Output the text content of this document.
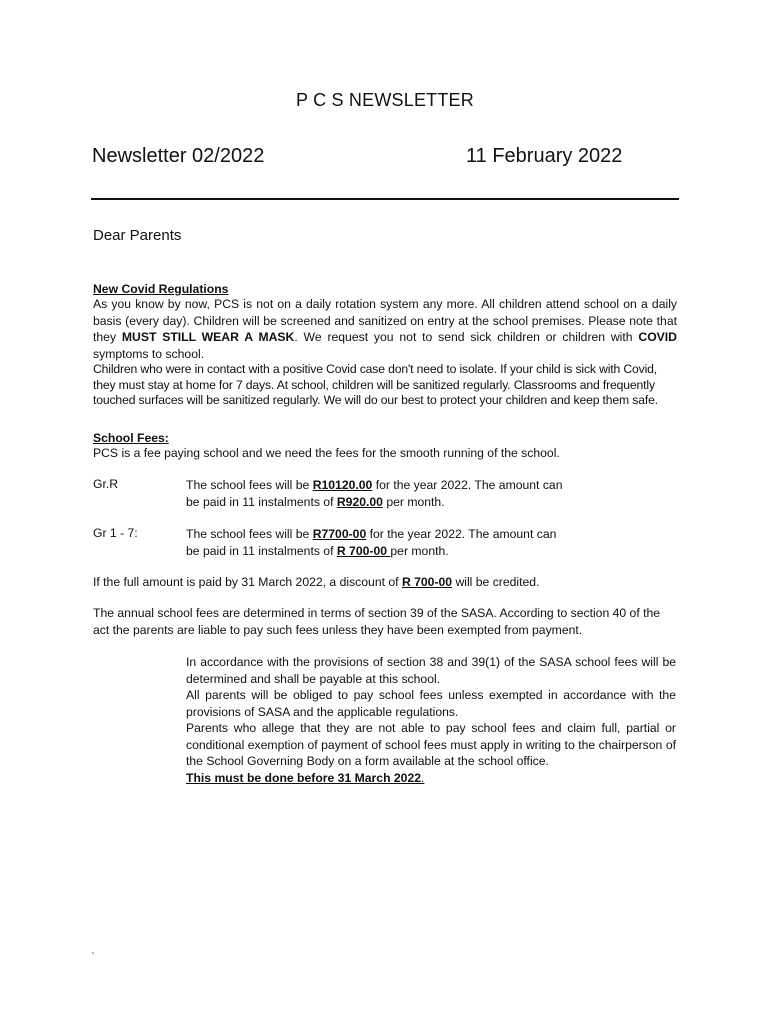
P C S NEWSLETTER
Newsletter 02/2022	11 February 2022
Dear Parents
New Covid Regulations
As you know by now, PCS is not on a daily rotation system any more. All children attend school on a daily basis (every day). Children will be screened and sanitized on entry at the school premises. Please note that they MUST STILL WEAR A MASK. We request you not to send sick children or children with COVID symptoms to school.
Children who were in contact with a positive Covid case don't need to isolate. If your child is sick with Covid, they must stay at home for 7 days. At school, children will be sanitized regularly. Classrooms and frequently touched surfaces will be sanitized regularly. We will do our best to protect your children and keep them safe.
School Fees:
PCS is a fee paying school and we need the fees for the smooth running of the school.
Gr.R	The school fees will be R10120.00 for the year 2022. The amount can
be paid in 11 instalments of R920.00 per month.
Gr 1 - 7:	The school fees will be R7700-00 for the year 2022. The amount can
be paid in 11 instalments of R 700-00 per month.
If the full amount is paid by 31 March 2022, a discount of R 700-00 will be credited.
The annual school fees are determined in terms of section 39 of the SASA. According to section 40 of the act the parents are liable to pay such fees unless they have been exempted from payment.
In accordance with the provisions of section 38 and 39(1) of the SASA school fees will be determined and shall be payable at this school.
All parents will be obliged to pay school fees unless exempted in accordance with the provisions of SASA and the applicable regulations.
Parents who allege that they are not able to pay school fees and claim full, partial or conditional exemption of payment of school fees must apply in writing to the chairperson of the School Governing Body on a form available at the school office.
This must be done before 31 March 2022.
`
